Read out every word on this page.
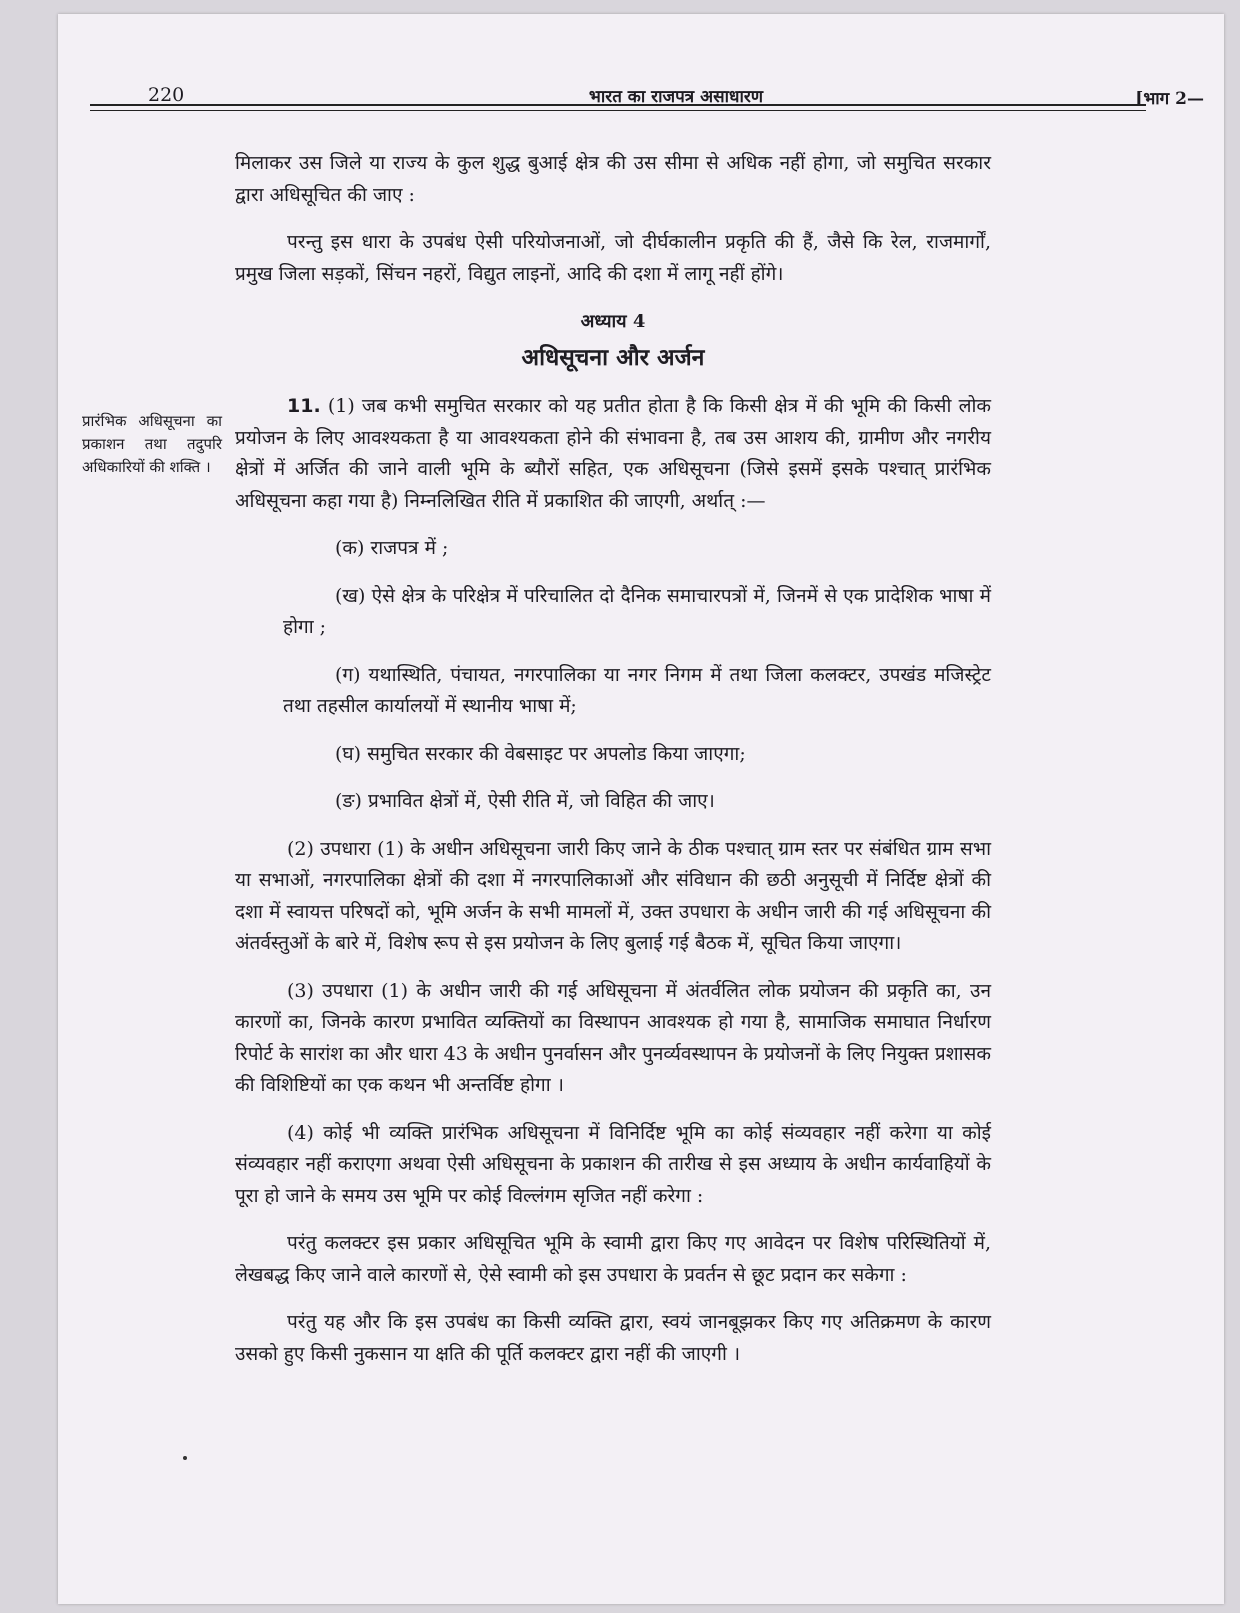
220	भारत का राजपत्र असाधारण	[भाग 2—
प्रारंभिक अधिसूचना का प्रकाशन तथा तदुपरि अधिकारियों की शक्ति ।

मिलाकर उस जिले या राज्य के कुल शुद्ध बुआई क्षेत्र की उस सीमा से अधिक नहीं होगा, जो समुचित सरकार द्वारा अधिसूचित की जाए :

परन्तु इस धारा के उपबंध ऐसी परियोजनाओं, जो दीर्घकालीन प्रकृति की हैं, जैसे कि रेल, राजमार्गों, प्रमुख जिला सड़कों, सिंचन नहरों, विद्युत लाइनों, आदि की दशा में लागू नहीं होंगे।

अध्याय 4

अधिसूचना और अर्जन

11. (1) जब कभी समुचित सरकार को यह प्रतीत होता है कि किसी क्षेत्र में की भूमि की किसी लोक प्रयोजन के लिए आवश्यकता है या आवश्यकता होने की संभावना है, तब उस आशय की, ग्रामीण और नगरीय क्षेत्रों में अर्जित की जाने वाली भूमि के ब्यौरों सहित, एक अधिसूचना (जिसे इसमें इसके पश्चात् प्रारंभिक अधिसूचना कहा गया है) निम्नलिखित रीति में प्रकाशित की जाएगी, अर्थात् :—

(क) राजपत्र में ;

(ख) ऐसे क्षेत्र के परिक्षेत्र में परिचालित दो दैनिक समाचारपत्रों में, जिनमें से एक प्रादेशिक भाषा में होगा ;

(ग) यथास्थिति, पंचायत, नगरपालिका या नगर निगम में तथा जिला कलक्टर, उपखंड मजिस्ट्रेट तथा तहसील कार्यालयों में स्थानीय भाषा में;

(घ) समुचित सरकार की वेबसाइट पर अपलोड किया जाएगा;

(ङ) प्रभावित क्षेत्रों में, ऐसी रीति में, जो विहित की जाए।

(2) उपधारा (1) के अधीन अधिसूचना जारी किए जाने के ठीक पश्चात् ग्राम स्तर पर संबंधित ग्राम सभा या सभाओं, नगरपालिका क्षेत्रों की दशा में नगरपालिकाओं और संविधान की छठी अनुसूची में निर्दिष्ट क्षेत्रों की दशा में स्वायत्त परिषदों को, भूमि अर्जन के सभी मामलों में, उक्त उपधारा के अधीन जारी की गई अधिसूचना की अंतर्वस्तुओं के बारे में, विशेष रूप से इस प्रयोजन के लिए बुलाई गई बैठक में, सूचित किया जाएगा।

(3) उपधारा (1) के अधीन जारी की गई अधिसूचना में अंतर्वलित लोक प्रयोजन की प्रकृति का, उन कारणों का, जिनके कारण प्रभावित व्यक्तियों का विस्थापन आवश्यक हो गया है, सामाजिक समाघात निर्धारण रिपोर्ट के सारांश का और धारा 43 के अधीन पुनर्वासन और पुनर्व्यवस्थापन के प्रयोजनों के लिए नियुक्त प्रशासक की विशिष्टियों का एक कथन भी अन्तर्विष्ट होगा ।

(4) कोई भी व्यक्ति प्रारंभिक अधिसूचना में विनिर्दिष्ट भूमि का कोई संव्यवहार नहीं करेगा या कोई संव्यवहार नहीं कराएगा अथवा ऐसी अधिसूचना के प्रकाशन की तारीख से इस अध्याय के अधीन कार्यवाहियों के पूरा हो जाने के समय उस भूमि पर कोई विल्लंगम सृजित नहीं करेगा :

परंतु कलक्टर इस प्रकार अधिसूचित भूमि के स्वामी द्वारा किए गए आवेदन पर विशेष परिस्थितियों में, लेखबद्ध किए जाने वाले कारणों से, ऐसे स्वामी को इस उपधारा के प्रवर्तन से छूट प्रदान कर सकेगा :

परंतु यह और कि इस उपबंध का किसी व्यक्ति द्वारा, स्वयं जानबूझकर किए गए अतिक्रमण के कारण उसको हुए किसी नुकसान या क्षति की पूर्ति कलक्टर द्वारा नहीं की जाएगी ।
